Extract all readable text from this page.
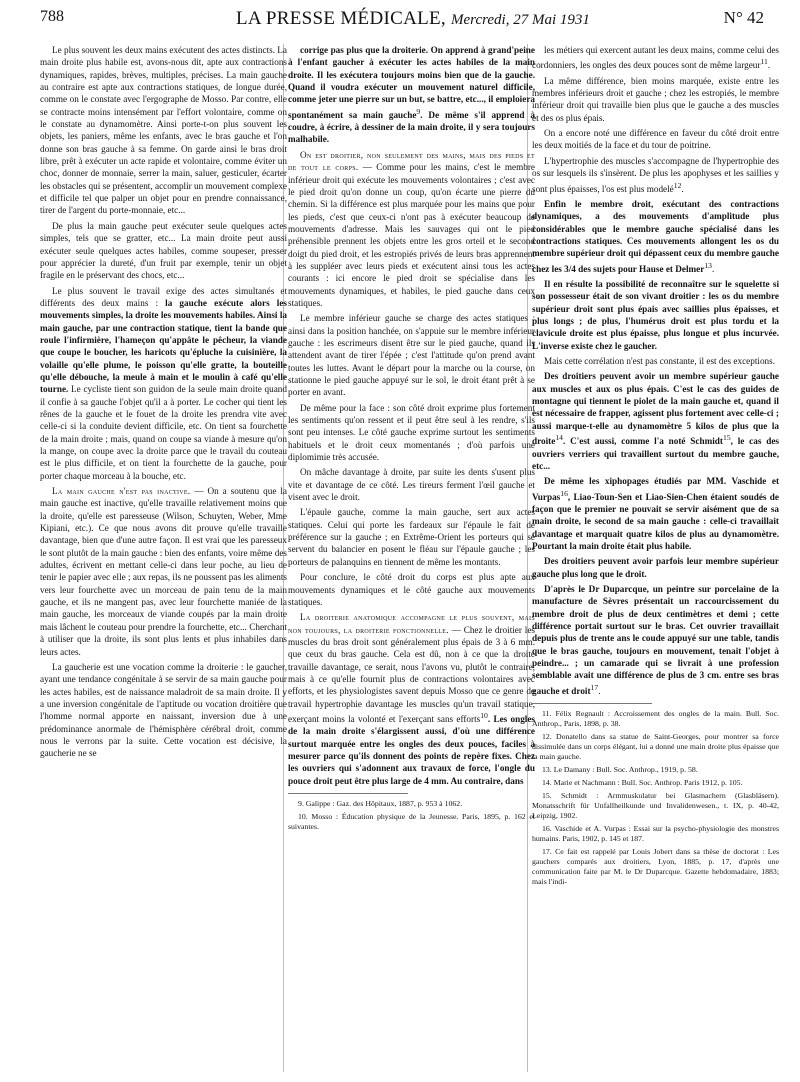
788	LA PRESSE MÉDICALE, Mercredi, 27 Mai 1931	N° 42

Le plus souvent les deux mains exécutent des actes distincts. La main droite plus habile est, avons-nous dit, apte aux contractions dynamiques, rapides, brèves, multiples, précises. La main gauche au contraire est apte aux contractions statiques, de longue durée, comme on le constate avec l'ergographe de Mosso. Par contre, elle se contracte moins intensément par l'effort volontaire, comme on le constate au dynamomètre. Ainsi porte-t-on plus souvent les objets, les paniers, même les enfants, avec le bras gauche et l'on donne son bras gauche à sa femme. On garde ainsi le bras droit libre, prêt à exécuter un acte rapide et volontaire, comme éviter un choc, donner de monnaie, serrer la main, saluer, gesticuler, écarter les obstacles qui se présentent, accomplir un mouvement complexe et difficile tel que palper un objet pour en prendre connaissance, tirer de l'argent du porte-monnaie, etc...

De plus la main gauche peut exécuter seule quelques actes simples, tels que se gratter, etc... La main droite peut aussi exécuter seule quelques actes habiles, comme soupeser, presser pour apprécier la dureté, d'un fruit par exemple, tenir un objet fragile en le préservant des chocs, etc...

Le plus souvent le travail exige des actes simultanés et différents des deux mains : la gauche exécute alors les mouvements simples, la droite les mouvements habiles. Ainsi la main gauche, par une contraction statique, tient la bande que roule l'infirmière, l'hameçon qu'appâte le pêcheur, la viande que coupe le boucher, les haricots qu'épluche la cuisinière, la volaille qu'elle plume, le poisson qu'elle gratte, la bouteille qu'elle débouche, la meule à main et le moulin à café qu'elle tourne. Le cycliste tient son guidon de la seule main droite quand il confie à sa gauche l'objet qu'il a à porter. Le cocher qui tient les rênes de la gauche et le fouet de la droite les prendra vite avec celle-ci si la conduite devient difficile, etc. On tient sa fourchette de la main droite ; mais, quand on coupe sa viande à mesure qu'on la mange, on coupe avec la droite parce que le travail du couteau est le plus difficile, et on tient la fourchette de la gauche, pour porter chaque morceau à la bouche, etc.

La main gauche n'est pas inactive. — On a soutenu que la main gauche est inactive, qu'elle travaille relativement moins que la droite, qu'elle est paresseuse (Wilson, Schuyten, Weber, Mme Kipiani, etc.). Ce que nous avons dit prouve qu'elle travaille davantage, bien que d'une autre façon. Il est vrai que les paresseux le sont plutôt de la main gauche : bien des enfants, voire même des adultes, écrivent en mettant celle-ci dans leur poche, au lieu de tenir le papier avec elle ; aux repas, ils ne poussent pas les aliments vers leur fourchette avec un morceau de pain tenu de la main gauche, et ils ne mangent pas, avec leur fourchette maniée de la main gauche, les morceaux de viande coupés par la main droite mais lâchent le couteau pour prendre la fourchette, etc... Cherchant à utiliser que la droite, ils sont plus lents et plus inhabiles dans leurs actes.

La gaucherie est une vocation comme la droiterie : le gaucher, ayant une tendance congénitale à se servir de sa main gauche pour les actes habiles, est de naissance maladroit de sa main droite. Il y a une inversion congénitale de l'aptitude ou vocation droitière que l'homme normal apporte en naissant, inversion due à une prédominance anormale de l'hémisphère cérébral droit, comme nous le verrons par la suite. Cette vocation est décisive, la gaucherie ne se

corrige pas plus que la droiterie. On apprend à grand'peine à l'enfant gaucher à exécuter les actes habiles de la main droite. Il les exécutera toujours moins bien que de la gauche. Quand il voudra exécuter un mouvement naturel difficile, comme jeter une pierre sur un but, se battre, etc..., il emploiera spontanément sa main gauche$^9$. De même s'il apprend à coudre, à écrire, à dessiner de la main droite, il y sera toujours malhabile.

On est droitier, non seulement des mains, mais des pieds et de tout le corps. — Comme pour les mains, c'est le membre inférieur droit qui exécute les mouvements volontaires ; c'est avec le pied droit qu'on donne un coup, qu'on écarte une pierre du chemin. Si la différence est plus marquée pour les mains que pour les pieds, c'est que ceux-ci n'ont pas à exécuter beaucoup de mouvements d'adresse. Mais les sauvages qui ont le pied préhensible prennent les objets entre les gros orteil et le second doigt du pied droit, et les estropiés privés de leurs bras apprennent à les suppléer avec leurs pieds et exécutent ainsi tous les actes courants : ici encore le pied droit se spécialise dans les mouvements dynamiques, et habiles, le pied gauche dans ceux statiques.

Le membre inférieur gauche se charge des actes statiques : ainsi dans la position hanchée, on s'appuie sur le membre inférieur gauche : les escrimeurs disent être sur le pied gauche, quand ils attendent avant de tirer l'épée ; c'est l'attitude qu'on prend avant toutes les luttes. Avant le départ pour la marche ou la course, on stationne le pied gauche appuyé sur le sol, le droit étant prêt à se porter en avant.

De même pour la face : son côté droit exprime plus fortement les sentiments qu'on ressent et il peut être seul à les rendre, s'ils sont peu intenses. Le côté gauche exprime surtout les sentiments habituels et le droit ceux momentanés ; d'où parfois une diplomimie très accusée.

On mâche davantage à droite, par suite les dents s'usent plus vite et davantage de ce côté. Les tireurs ferment l'œil gauche et visent avec le droit.

L'épaule gauche, comme la main gauche, sert aux actes statiques. Celui qui porte les fardeaux sur l'épaule le fait de préférence sur la gauche ; en Extrême-Orient les porteurs qui se servent du balancier en posent le fléau sur l'épaule gauche ; les porteurs de palanquins en tiennent de même les montants.

Pour conclure, le côté droit du corps est plus apte aux mouvements dynamiques et le côté gauche aux mouvements statiques.

La droiterie anatomique accompagne le plus souvent, mais non toujours, la droiterie fonctionnelle. — Chez le droitier les muscles du bras droit sont généralement plus épais de 3 à 6 mm. que ceux du bras gauche. Cela est dû, non à ce que la droite travaille davantage, ce serait, nous l'avons vu, plutôt le contraire, mais à ce qu'elle fournit plus de contractions volontaires avec efforts, et les physiologistes savent depuis Mosso que ce genre de travail hypertrophie davantage les muscles qu'un travail statique, exerçant moins la volonté et l'exerçant sans efforts$^{10}$. Les ongles de la main droite s'élargissent aussi, d'où une différence surtout marquée entre les ongles des deux pouces, faciles à mesurer parce qu'ils donnent des points de repère fixes. Chez les ouvriers qui s'adonnent aux travaux de force, l'ongle du pouce droit peut être plus large de 4 mm. Au contraire, dans

9. Galippe : Gaz. des Hôpitaux, 1887, p. 953 à 1062.

10. Mosso : Éducation physique de la Jeunesse. Paris, 1895, p. 162 et suivantes.

les métiers qui exercent autant les deux mains, comme celui des cordonniers, les ongles des deux pouces sont de même largeur$^{11}$.

La même différence, bien moins marquée, existe entre les membres inférieurs droit et gauche ; chez les estropiés, le membre inférieur droit qui travaille bien plus que le gauche a des muscles et des os plus épais.

On a encore noté une différence en faveur du côté droit entre les deux moitiés de la face et du tour de poitrine.

L'hypertrophie des muscles s'accompagne de l'hypertrophie des os sur lesquels ils s'insèrent. De plus les apophyses et les saillies y sont plus épaisses, l'os est plus modelé$^{12}$.

Enfin le membre droit, exécutant des contractions dynamiques, a des mouvements d'amplitude plus considérables que le membre gauche spécialisé dans les contractions statiques. Ces mouvements allongent les os du membre supérieur droit qui dépassent ceux du membre gauche chez les 3/4 des sujets pour Hause et Delmer$^{13}$.

Il en résulte la possibilité de reconnaître sur le squelette si son possesseur était de son vivant droitier : les os du membre supérieur droit sont plus épais avec saillies plus épaisses, et plus longs ; de plus, l'humérus droit est plus tordu et la clavicule droite est plus épaisse, plus longue et plus incurvée. L'inverse existe chez le gaucher.

Mais cette corrélation n'est pas constante, il est des exceptions.

Des droitiers peuvent avoir un membre supérieur gauche aux muscles et aux os plus épais. C'est le cas des guides de montagne qui tiennent le piolet de la main gauche et, quand il est nécessaire de frapper, agissent plus fortement avec celle-ci ; aussi marque-t-elle au dynamomètre 5 kilos de plus que la droite$^{14}$. C'est aussi, comme l'a noté Schmidt$^{15}$, le cas des ouvriers verriers qui travaillent surtout du membre gauche, etc...

De même les xiphopages étudiés par MM. Vaschide et Vurpas$^{16}$, Liao-Toun-Sen et Liao-Sien-Chen étaient soudés de façon que le premier ne pouvait se servir aisément que de sa main droite, le second de sa main gauche : celle-ci travaillait davantage et marquait quatre kilos de plus au dynamomètre. Pourtant la main droite était plus habile.

Des droitiers peuvent avoir parfois leur membre supérieur gauche plus long que le droit.

D'après le Dr Duparcque, un peintre sur porcelaine de la manufacture de Sèvres présentait un raccourcissement du membre droit de plus de deux centimètres et demi ; cette différence portait surtout sur le bras. Cet ouvrier travaillait depuis plus de trente ans le coude appuyé sur une table, tandis que le bras gauche, toujours en mouvement, tenait l'objet à peindre... ; un camarade qui se livrait à une profession semblable avait une différence de plus de 3 cm. entre ses bras gauche et droit$^{17}$.

11. Félix Regnault : Accroissement des ongles de la main. Bull. Soc. Anthrop., Paris, 1898, p. 38.

12. Donatello dans sa statue de Saint-Georges, pour montrer sa force dissimulée dans un corps élégant, lui a donné une main droite plus épaisse que la main gauche.

13. Le Damany : Bull. Soc. Anthrop., 1919, p. 58.

14. Marie et Nachmann : Bull. Soc. Anthrop. Paris 1912, p. 105.

15. Schmidt : Armmuskulatur bei Glasmachern (Glasbläsern). Monatsschrift für Unfallheilkunde und Invalidenwesen., t. IX, p. 40-42, Leipzig, 1902.

16. Vaschide et A. Vurpas : Essai sur la psycho-physiologie des monstres humains. Paris, 1902, p. 145 et 187.

17. Ce fait est rappelé par Louis Jobert dans sa thèse de doctorat : Les gauchers comparés aux droitiers, Lyon, 1885, p. 17, d'après une communication faite par M. le Dr Duparcque. Gazette hebdomadaire, 1883; mais l'indi-
